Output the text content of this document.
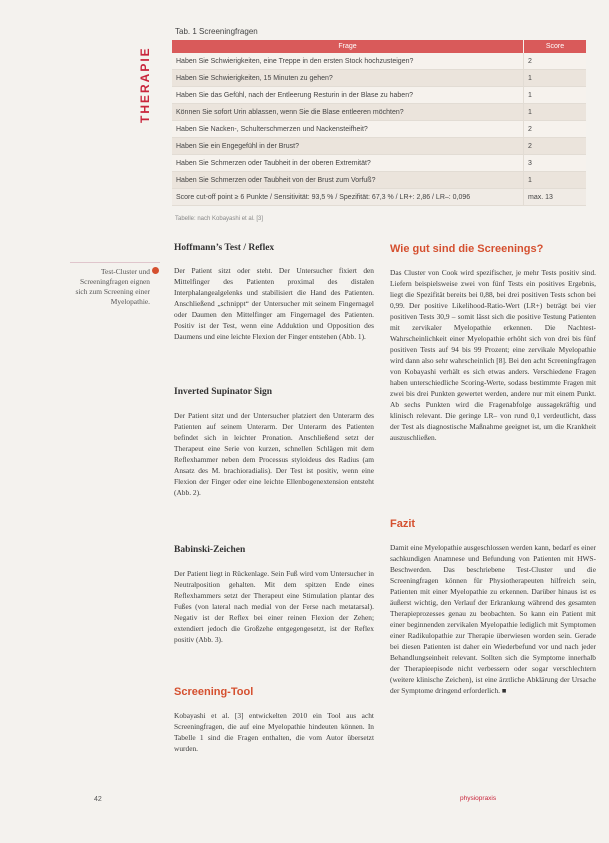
THERAPIE
Tab. 1 Screeningfragen
Frage	Score
Haben Sie Schwierigkeiten, eine Treppe in den ersten Stock hochzusteigen?	2
Haben Sie Schwierigkeiten, 15 Minuten zu gehen?	1
Haben Sie das Gefühl, nach der Entleerung Resturin in der Blase zu haben?	1
Können Sie sofort Urin ablassen, wenn Sie die Blase entleeren möchten?	1
Haben Sie Nacken-, Schulterschmerzen und Nackensteifheit?	2
Haben Sie ein Engegefühl in der Brust?	2
Haben Sie Schmerzen oder Taubheit in der oberen Extremität?	3
Haben Sie Schmerzen oder Taubheit von der Brust zum Vorfuß?	1
Score cut-off point ≥ 6 Punkte / Sensitivität: 93,5 % / Spezifität: 67,3 % / LR+: 2,86 / LR–: 0,096	max. 13
Tabelle: nach Kobayashi et al. [3]
Test-Cluster und Screeningfragen eignen sich zum Screening einer Myelopathie.
Hoffmann’s Test / Reflex

Der Patient sitzt oder steht. Der Untersucher fixiert den Mittelfinger des Patienten proximal des distalen Interphalangealgelenks und stabilisiert die Hand des Patienten. Anschließend „schnippt“ der Untersucher mit seinem Fingernagel oder Daumen den Mittelfinger am Fingernagel des Patienten. Positiv ist der Test, wenn eine Adduktion und Opposition des Daumens und eine leichte Flexion der Finger entstehen (Abb. 1).

Inverted Supinator Sign

Der Patient sitzt und der Untersucher platziert den Unterarm des Patienten auf seinem Unterarm. Der Unterarm des Patienten befindet sich in leichter Pronation. Anschließend setzt der Therapeut eine Serie von kurzen, schnellen Schlägen mit dem Reflexhammer neben dem Processus styloideus des Radius (am Ansatz des M. brachioradialis). Der Test ist positiv, wenn eine Flexion der Finger oder eine leichte Ellenbogenextension entsteht (Abb. 2).

Babinski-Zeichen

Der Patient liegt in Rückenlage. Sein Fuß wird vom Untersucher in Neutralposition gehalten. Mit dem spitzen Ende eines Reflexhammers setzt der Therapeut eine Stimulation plantar des Fußes (von lateral nach medial von der Ferse nach metatarsal). Negativ ist der Reflex bei einer reinen Flexion der Zehen; extendiert jedoch die Großzehe entgegengesetzt, ist der Reflex positiv (Abb. 3).

Screening-Tool

Kobayashi et al. [3] entwickelten 2010 ein Tool aus acht Screeningfragen, die auf eine Myelopathie hindeuten können. In Tabelle 1 sind die Fragen enthalten, die vom Autor übersetzt wurden.

Wie gut sind die Screenings?

Das Cluster von Cook wird spezifischer, je mehr Tests positiv sind. Liefern beispielsweise zwei von fünf Tests ein positives Ergebnis, liegt die Spezifität bereits bei 0,88, bei drei positiven Tests schon bei 0,99. Der positive Likelihood-Ratio-Wert (LR+) beträgt bei vier positiven Tests 30,9 – somit lässt sich die positive Testung Patienten mit zervikaler Myelopathie erkennen. Die Nachtest-Wahrscheinlichkeit einer Myelopathie erhöht sich von drei bis fünf positiven Tests auf 94 bis 99 Prozent; eine zervikale Myelopathie wird dann also sehr wahrscheinlich [8]. Bei den acht Screeningfragen von Kobayashi verhält es sich etwas anders. Verschiedene Fragen haben unterschiedliche Scoring-Werte, sodass bestimmte Fragen mit zwei bis drei Punkten gewertet werden, andere nur mit einem Punkt. Ab sechs Punkten wird die Fragenabfolge aussagekräftig und klinisch relevant. Die geringe LR– von rund 0,1 verdeutlicht, dass der Test als diagnostische Maßnahme geeignet ist, um die Krankheit auszuschließen.

Fazit

Damit eine Myelopathie ausgeschlossen werden kann, bedarf es einer sachkundigen Anamnese und Befundung von Patienten mit HWS-Beschwerden. Das beschriebene Test-Cluster und die Screeningfragen können für Physiotherapeuten hilfreich sein, Patienten mit einer Myelopathie zu erkennen. Darüber hinaus ist es äußerst wichtig, den Verlauf der Erkrankung während des gesamten Therapieprozesses genau zu beobachten. So kann ein Patient mit einer beginnenden zervikalen Myelopathie lediglich mit Symptomen einer Radikulopathie zur Therapie überwiesen worden sein. Gerade bei diesen Patienten ist daher ein Wiederbefund vor und nach jeder Behandlungseinheit relevant. Sollten sich die Symptome innerhalb der Therapieepisode nicht verbessern oder sogar verschlechtern (weitere klinische Zeichen), ist eine ärztliche Abklärung der Ursache der Symptome dringend erforderlich. ■

42	physiopraxis
